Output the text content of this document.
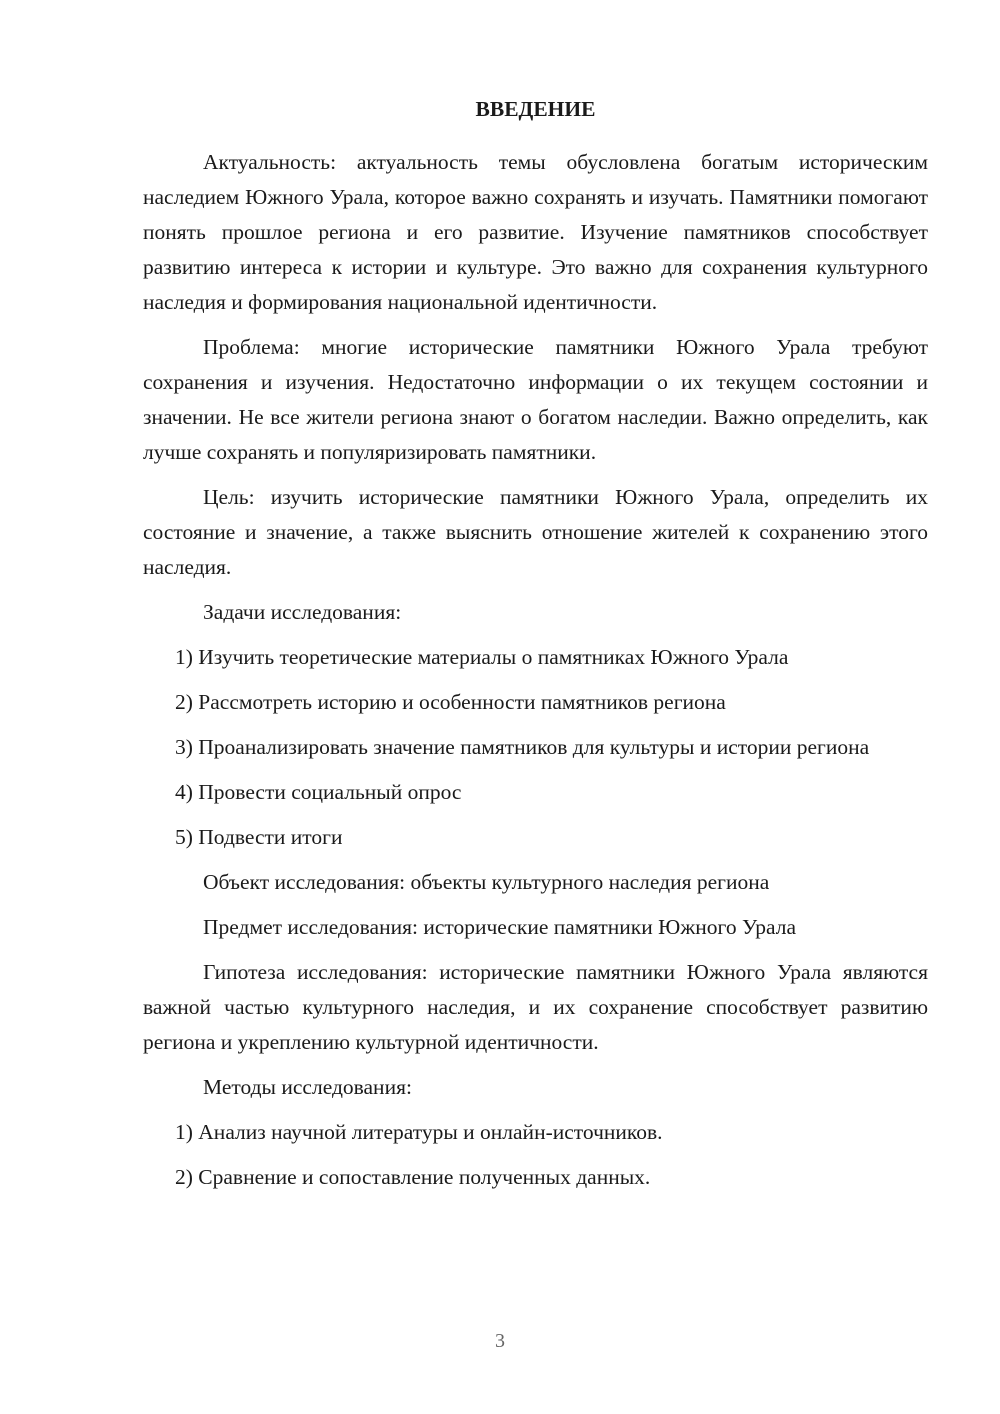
ВВЕДЕНИЕ

Актуальность: актуальность темы обусловлена богатым историческим наследием Южного Урала, которое важно сохранять и изучать. Памятники помогают понять прошлое региона и его развитие. Изучение памятников способствует развитию интереса к истории и культуре. Это важно для сохранения культурного наследия и формирования национальной идентичности.

Проблема: многие исторические памятники Южного Урала требуют сохранения и изучения. Недостаточно информации о их текущем состоянии и значении. Не все жители региона знают о богатом наследии. Важно определить, как лучше сохранять и популяризировать памятники.

Цель: изучить исторические памятники Южного Урала, определить их состояние и значение, а также выяснить отношение жителей к сохранению этого наследия.

Задачи исследования:

1) Изучить теоретические материалы о памятниках Южного Урала

2) Рассмотреть историю и особенности памятников региона

3) Проанализировать значение памятников для культуры и истории региона

4) Провести социальный опрос

5) Подвести итоги

Объект исследования: объекты культурного наследия региона

Предмет исследования: исторические памятники Южного Урала

Гипотеза исследования: исторические памятники Южного Урала являются важной частью культурного наследия, и их сохранение способствует развитию региона и укреплению культурной идентичности.

Методы исследования:

1) Анализ научной литературы и онлайн-источников.

2) Сравнение и сопоставление полученных данных.

3
